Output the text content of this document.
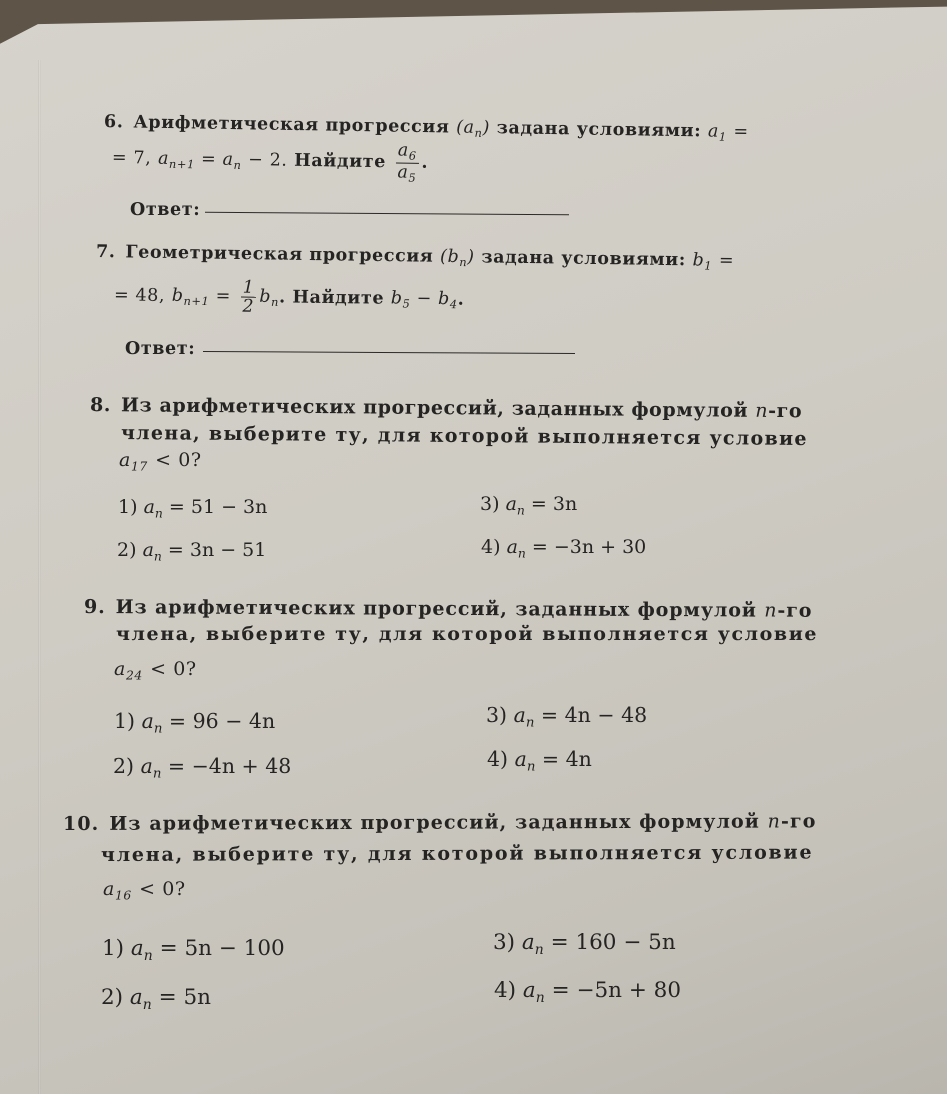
6. Арифметическая прогрессия $(a_n)$ задана условиями: $a_1$ =
= 7, $a_{n+1} = a_n - 2$. Найдите $\frac{a_6}{a_5}$ .
Ответ:
7. Геометрическая прогрессия $(b_n)$ задана условиями: $b_1$ =
= 48, $b_{n+1} = \frac{1}{2} b_n$. Найдите $b_5 - b_4$.
Ответ:
8. Из арифметических прогрессий, заданных формулой n-го
члена, выберите ту, для которой выполняется условие
$a_{17} < 0$?
1) $a_n = 51 - 3n$
2) $a_n = 3n - 51$
3) $a_n = 3n$
4) $a_n = -3n + 30$
9. Из арифметических прогрессий, заданных формулой n-го
члена, выберите ту, для которой выполняется условие
$a_{24} < 0$?
1) $a_n = 96 - 4n$
2) $a_n = -4n + 48$
3) $a_n = 4n - 48$
4) $a_n = 4n$
10. Из арифметических прогрессий, заданных формулой n-го
члена, выберите ту, для которой выполняется условие
$a_{16} < 0$?
1) $a_n = 5n - 100$
2) $a_n = 5n$
3) $a_n = 160 - 5n$
4) $a_n = -5n + 80$
